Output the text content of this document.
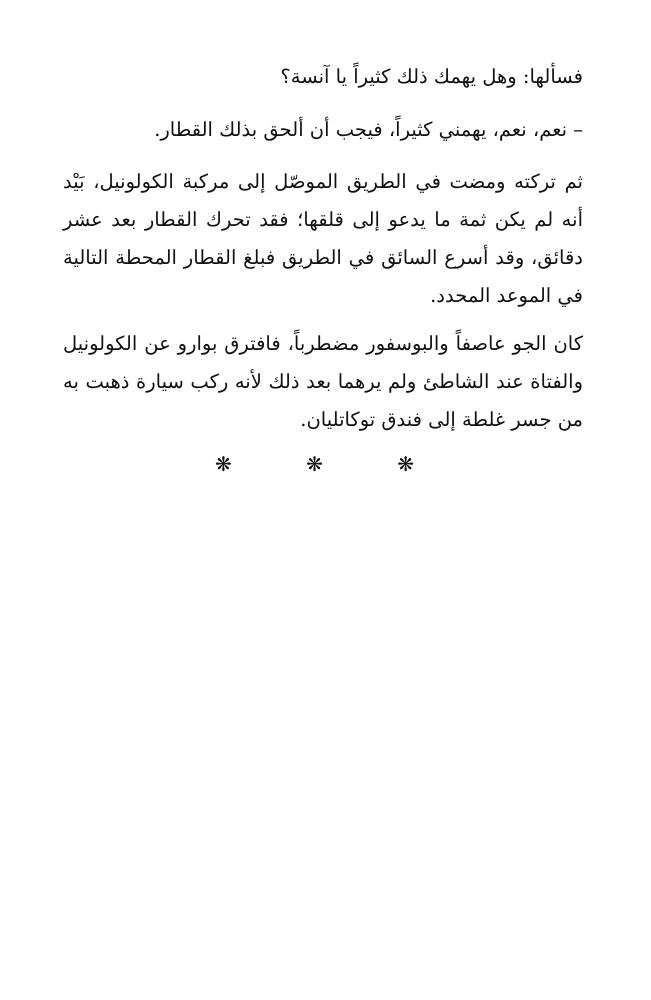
فسألها: وهل يهمك ذلك كثيراً يا آنسة؟

– نعم، نعم، يهمني كثيراً، فيجب أن ألحق بذلك القطار.

ثم تركته ومضت في الطريق الموصّل إلى مركبة الكولونيل، بَيْد أنه لم يكن ثمة ما يدعو إلى قلقها؛ فقد تحرك القطار بعد عشر دقائق، وقد أسرع السائق في الطريق فبلغ القطار المحطة التالية في الموعد المحدد.

كان الجو عاصفاً والبوسفور مضطرباً، فافترق بوارو عن الكولونيل والفتاة عند الشاطئ ولم يرهما بعد ذلك لأنه ركب سيارة ذهبت به من جسر غلطة إلى فندق توكاتليان.

❋	❋	❋
